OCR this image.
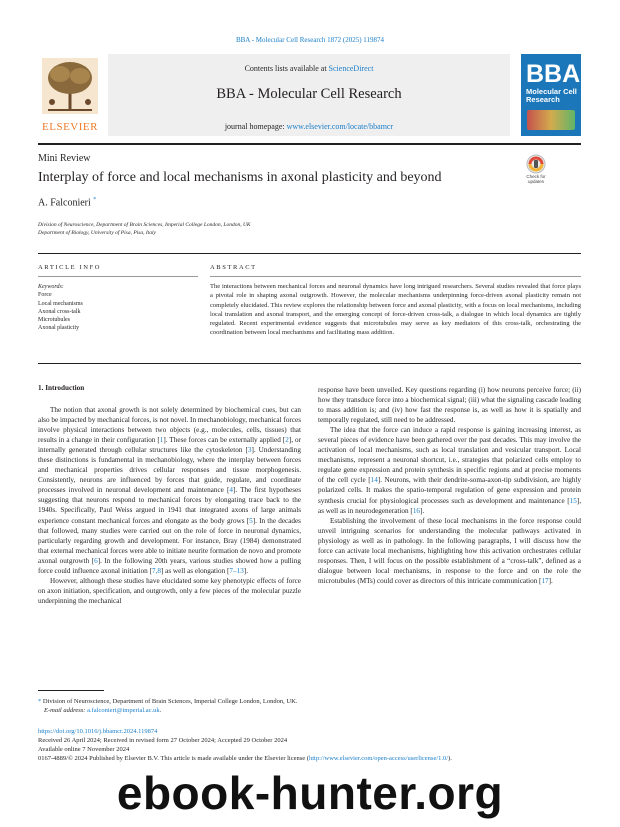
BBA - Molecular Cell Research 1872 (2025) 119874
ELSEVIER
Contents lists available at ScienceDirect
BBA - Molecular Cell Research
journal homepage: www.elsevier.com/locate/bbamcr
BBA
Molecular Cell Research
Mini Review
Interplay of force and local mechanisms in axonal plasticity and beyond	Check for updates
A. Falconieri *
Division of Neuroscience, Department of Brain Sciences, Imperial College London, London, UK
Department of Biology, University of Pisa, Pisa, Italy
ARTICLE INFO	ABSTRACT
Keywords:
Force
Local mechanisms
Axonal cross-talk
Microtubules
Axonal plasticity
The interactions between mechanical forces and neuronal dynamics have long intrigued researchers. Several studies revealed that force plays a pivotal role in shaping axonal outgrowth. However, the molecular mechanisms underpinning force-driven axonal plasticity remain not completely elucidated. This review explores the relationship between force and axonal plasticity, with a focus on local mechanisms, including local translation and axonal transport, and the emerging concept of force-driven cross-talk, a dialogue in which local dynamics are tightly regulated. Recent experimental evidence suggests that microtubules may serve as key mediators of this cross-talk, orchestrating the coordination between local mechanisms and facilitating mass addition.
1. Introduction

The notion that axonal growth is not solely determined by biochemical cues, but can also be impacted by mechanical forces, is not novel. In mechanobiology, mechanical forces involve physical interactions between two objects (e.g., molecules, cells, tissues) that results in a change in their configuration [1]. These forces can be externally applied [2], or internally generated through cellular structures like the cytoskeleton [3]. Understanding these distinctions is fundamental in mechanobiology, where the interplay between forces and mechanical properties drives cellular responses and tissue morphogenesis. Consistently, neurons are influenced by forces that guide, regulate, and coordinate processes involved in neuronal development and maintenance [4]. The first hypotheses suggesting that neurons respond to mechanical forces by elongating trace back to the 1940s. Specifically, Paul Weiss argued in 1941 that integrated axons of large animals experience constant mechanical forces and elongate as the body grows [5]. In the decades that followed, many studies were carried out on the role of force in neuronal dynamics, particularly regarding growth and development. For instance, Bray (1984) demonstrated that external mechanical forces were able to initiate neurite formation de novo and promote axonal outgrowth [6]. In the following 20th years, various studies showed how a pulling force could influence axonal initiation [7,8] as well as elongation [7–13].

However, although these studies have elucidated some key phenotypic effects of force on axon initiation, specification, and outgrowth, only a few pieces of the molecular puzzle underpinning the mechanical

response have been unveiled. Key questions regarding (i) how neurons perceive force; (ii) how they transduce force into a biochemical signal; (iii) what the signaling cascade leading to mass addition is; and (iv) how fast the response is, as well as how it is spatially and temporally regulated, still need to be addressed.

The idea that the force can induce a rapid response is gaining increasing interest, as several pieces of evidence have been gathered over the past decades. This may involve the activation of local mechanisms, such as local translation and vesicular transport. Local mechanisms, represent a neuronal shortcut, i.e., strategies that polarized cells employ to regulate gene expression and protein synthesis in specific regions and at precise moments of the cell cycle [14]. Neurons, with their dendrite-soma-axon-tip subdivision, are highly polarized cells. It makes the spatio-temporal regulation of gene expression and protein synthesis crucial for physiological processes such as development and maintenance [15], as well as in neurodegeneration [16].

Establishing the involvement of these local mechanisms in the force response could unveil intriguing scenarios for understanding the molecular pathways activated in physiology as well as in pathology. In the following paragraphs, I will discuss how the force can activate local mechanisms, highlighting how this activation orchestrates cellular responses. Then, I will focus on the possible establishment of a “cross-talk”, defined as a dialogue between local mechanisms, in response to the force and on the role the microtubules (MTs) could cover as directors of this intricate communication [17].

* Division of Neuroscience, Department of Brain Sciences, Imperial College London, London, UK.
E-mail address: a.falconieri@imperial.ac.uk.
https://doi.org/10.1016/j.bbamcr.2024.119874
Received 26 April 2024; Received in revised form 27 October 2024; Accepted 29 October 2024
Available online 7 November 2024
0167-4889/© 2024 Published by Elsevier B.V. This article is made available under the Elsevier license (http://www.elsevier.com/open-access/userlicense/1.0/).
ebook-hunter.org
